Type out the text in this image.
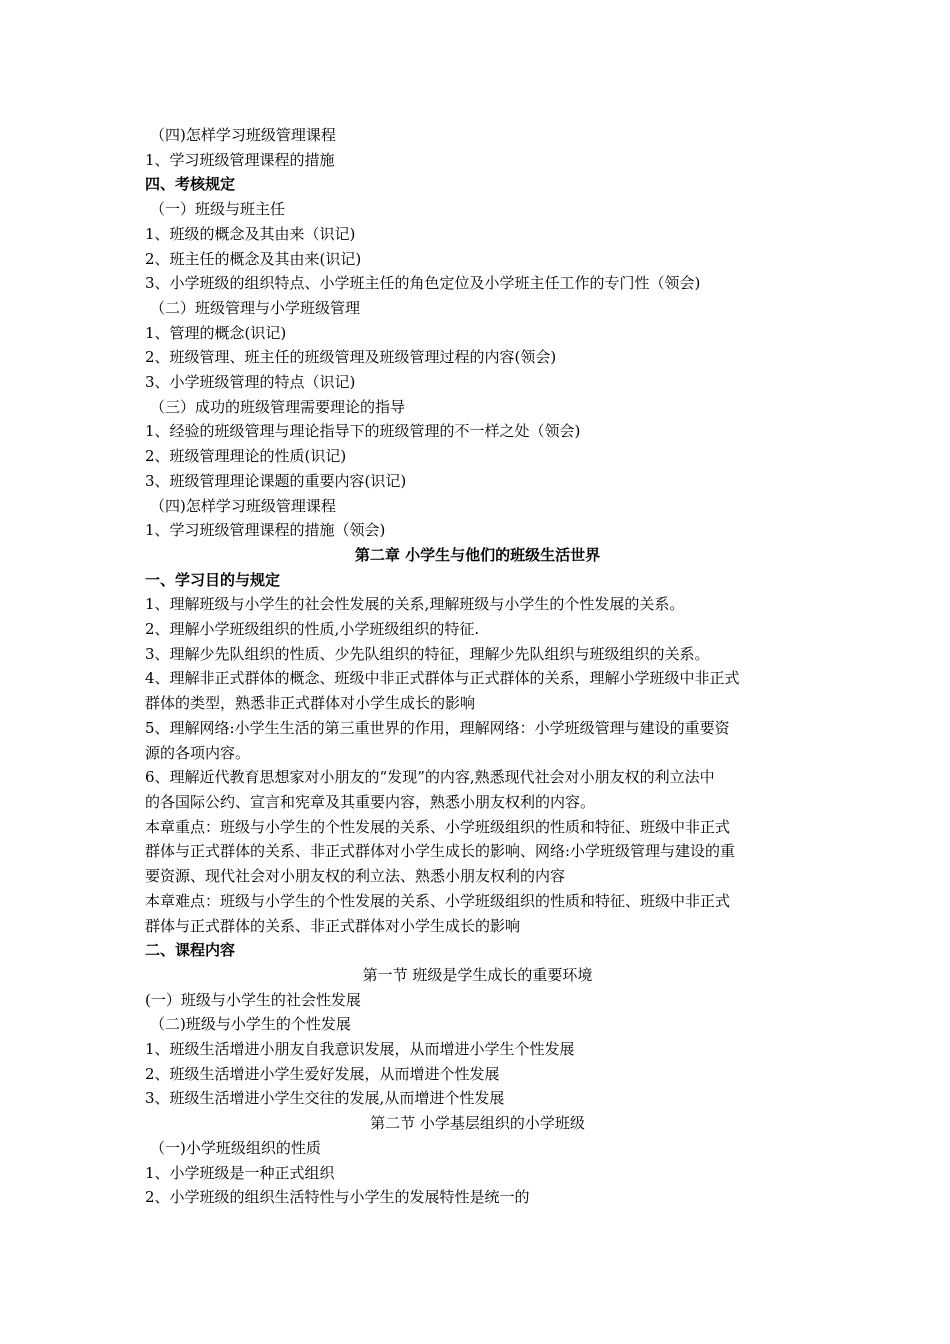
（四)怎样学习班级管理课程
1、学习班级管理课程的措施
四、考核规定
（一）班级与班主任
1、班级的概念及其由来（识记)
2、班主任的概念及其由来(识记)
3、小学班级的组织特点、小学班主任的角色定位及小学班主任工作的专门性（领会)
（二）班级管理与小学班级管理
1、管理的概念(识记)
2、班级管理、班主任的班级管理及班级管理过程的内容(领会)
3、小学班级管理的特点（识记)
（三）成功的班级管理需要理论的指导
1、经验的班级管理与理论指导下的班级管理的不一样之处（领会)
2、班级管理理论的性质(识记)
3、班级管理理论课题的重要内容(识记)
（四)怎样学习班级管理课程
1、学习班级管理课程的措施（领会)
第二章 小学生与他们的班级生活世界
一、学习目的与规定
1、理解班级与小学生的社会性发展的关系,理解班级与小学生的个性发展的关系。
2、理解小学班级组织的性质,小学班级组织的特征.
3、理解少先队组织的性质、少先队组织的特征，理解少先队组织与班级组织的关系。
4、理解非正式群体的概念、班级中非正式群体与正式群体的关系，理解小学班级中非正式
群体的类型，熟悉非正式群体对小学生成长的影响
5、理解网络:小学生生活的第三重世界的作用，理解网络：小学班级管理与建设的重要资
源的各项内容。
6、理解近代教育思想家对小朋友的“发现”的内容,熟悉现代社会对小朋友权的利立法中
的各国际公约、宣言和宪章及其重要内容，熟悉小朋友权利的内容。
本章重点：班级与小学生的个性发展的关系、小学班级组织的性质和特征、班级中非正式
群体与正式群体的关系、非正式群体对小学生成长的影响、网络:小学班级管理与建设的重
要资源、现代社会对小朋友权的利立法、熟悉小朋友权利的内容
本章难点：班级与小学生的个性发展的关系、小学班级组织的性质和特征、班级中非正式
群体与正式群体的关系、非正式群体对小学生成长的影响
二、课程内容
第一节 班级是学生成长的重要环境
(一）班级与小学生的社会性发展
（二)班级与小学生的个性发展
1、班级生活增进小朋友自我意识发展，从而增进小学生个性发展
2、班级生活增进小学生爱好发展，从而增进个性发展
3、班级生活增进小学生交往的发展,从而增进个性发展
第二节 小学基层组织的小学班级
（一)小学班级组织的性质
1、小学班级是一种正式组织
2、小学班级的组织生活特性与小学生的发展特性是统一的
